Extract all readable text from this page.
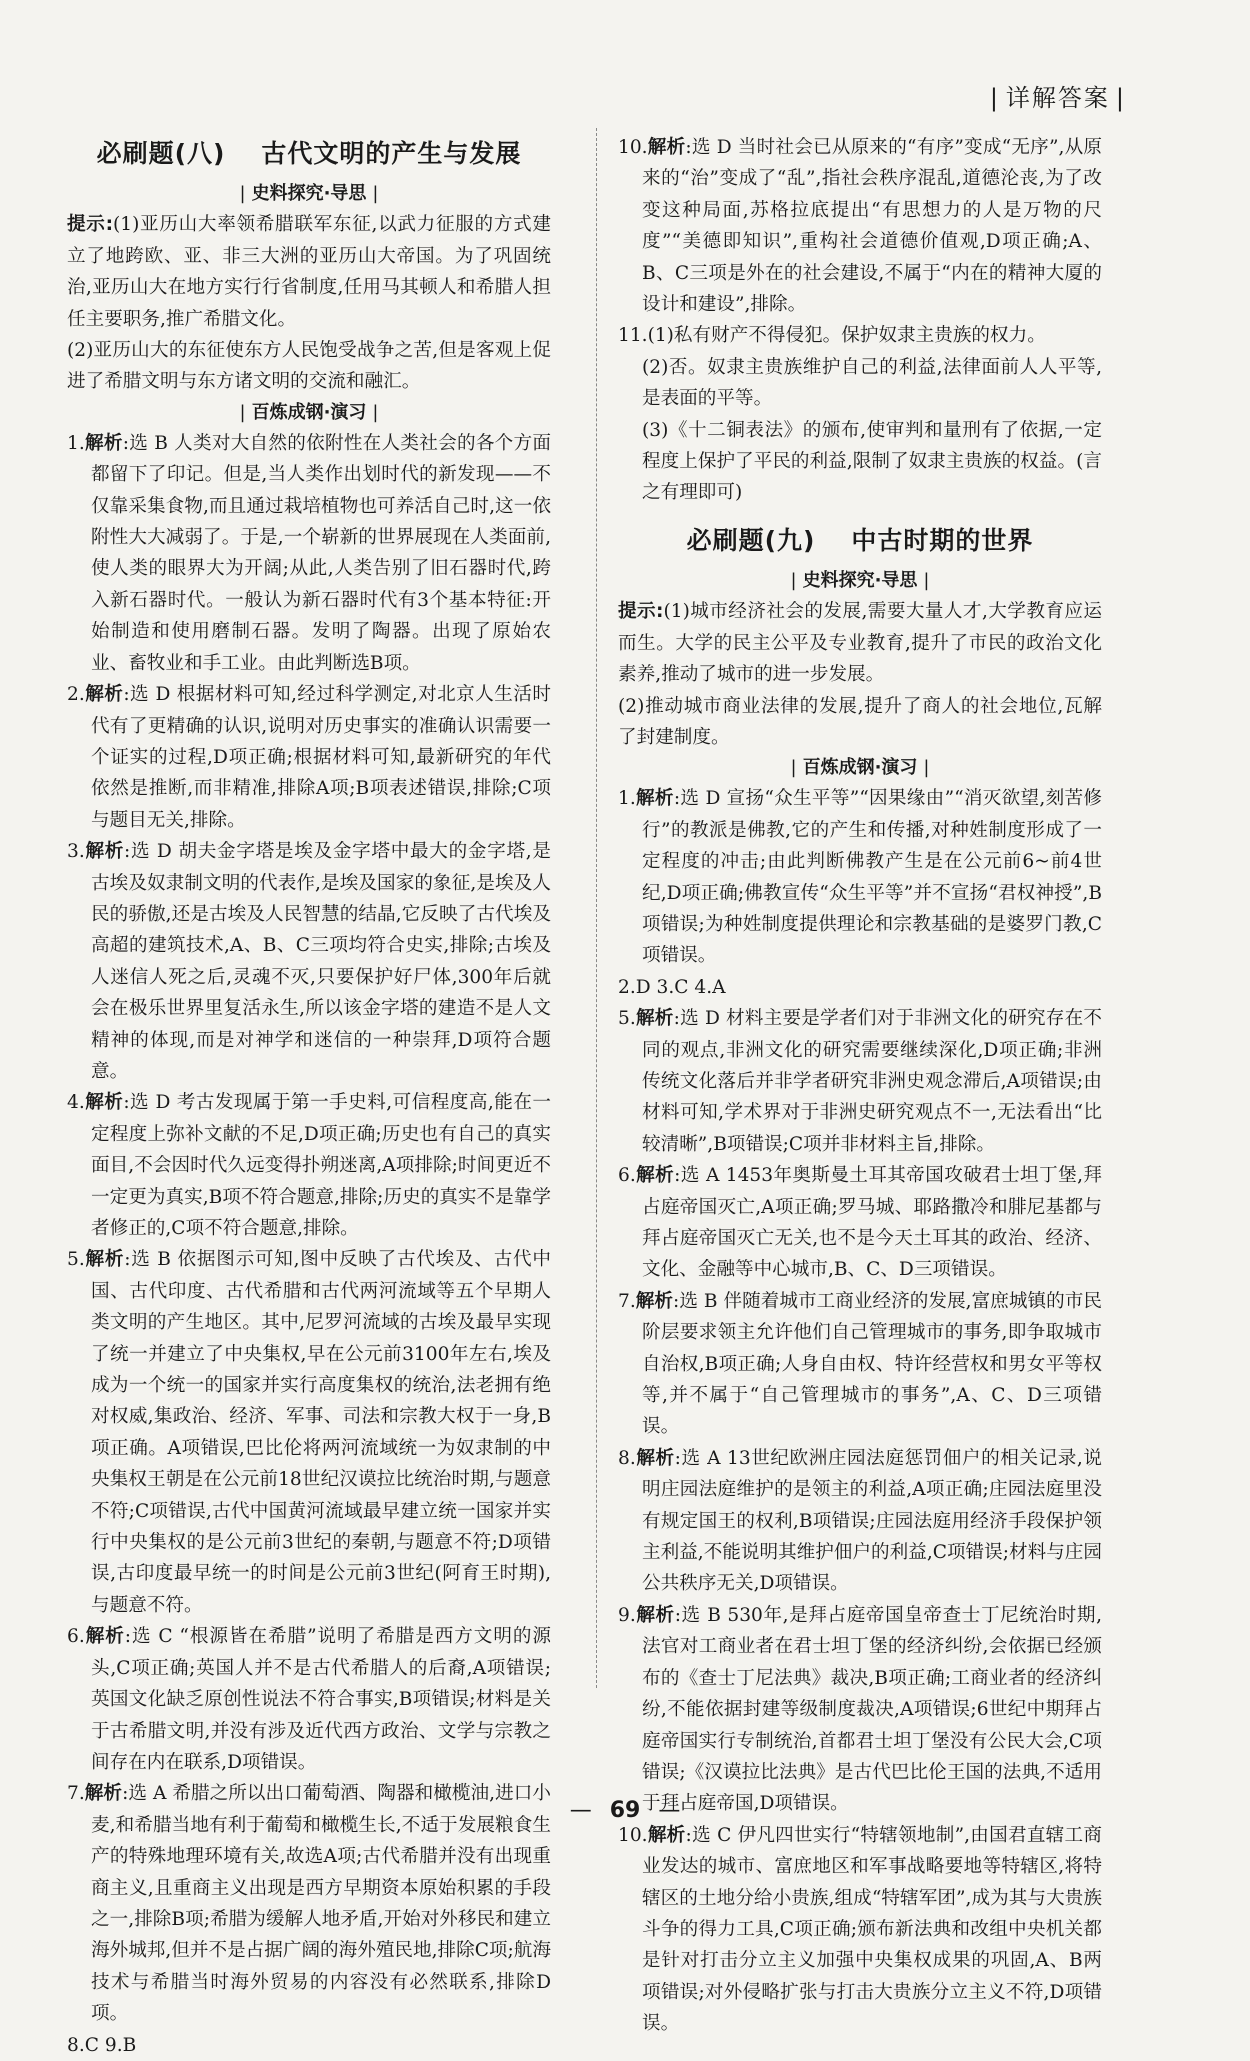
| 详解答案 |
必刷题(八) 古代文明的产生与发展

| 史料探究·导思 |

提示:(1)亚历山大率领希腊联军东征,以武力征服的方式建立了地跨欧、亚、非三大洲的亚历山大帝国。为了巩固统治,亚历山大在地方实行行省制度,任用马其顿人和希腊人担任主要职务,推广希腊文化。

(2)亚历山大的东征使东方人民饱受战争之苦,但是客观上促进了希腊文明与东方诸文明的交流和融汇。

| 百炼成钢·演习 |

1.解析:选 B 人类对大自然的依附性在人类社会的各个方面都留下了印记。但是,当人类作出划时代的新发现——不仅靠采集食物,而且通过栽培植物也可养活自己时,这一依附性大大减弱了。于是,一个崭新的世界展现在人类面前,使人类的眼界大为开阔;从此,人类告别了旧石器时代,跨入新石器时代。一般认为新石器时代有3个基本特征:开始制造和使用磨制石器。发明了陶器。出现了原始农业、畜牧业和手工业。由此判断选B项。

2.解析:选 D 根据材料可知,经过科学测定,对北京人生活时代有了更精确的认识,说明对历史事实的准确认识需要一个证实的过程,D项正确;根据材料可知,最新研究的年代依然是推断,而非精准,排除A项;B项表述错误,排除;C项与题目无关,排除。

3.解析:选 D 胡夫金字塔是埃及金字塔中最大的金字塔,是古埃及奴隶制文明的代表作,是埃及国家的象征,是埃及人民的骄傲,还是古埃及人民智慧的结晶,它反映了古代埃及高超的建筑技术,A、B、C三项均符合史实,排除;古埃及人迷信人死之后,灵魂不灭,只要保护好尸体,300年后就会在极乐世界里复活永生,所以该金字塔的建造不是人文精神的体现,而是对神学和迷信的一种崇拜,D项符合题意。

4.解析:选 D 考古发现属于第一手史料,可信程度高,能在一定程度上弥补文献的不足,D项正确;历史也有自己的真实面目,不会因时代久远变得扑朔迷离,A项排除;时间更近不一定更为真实,B项不符合题意,排除;历史的真实不是靠学者修正的,C项不符合题意,排除。

5.解析:选 B 依据图示可知,图中反映了古代埃及、古代中国、古代印度、古代希腊和古代两河流域等五个早期人类文明的产生地区。其中,尼罗河流域的古埃及最早实现了统一并建立了中央集权,早在公元前3100年左右,埃及成为一个统一的国家并实行高度集权的统治,法老拥有绝对权威,集政治、经济、军事、司法和宗教大权于一身,B项正确。A项错误,巴比伦将两河流域统一为奴隶制的中央集权王朝是在公元前18世纪汉谟拉比统治时期,与题意不符;C项错误,古代中国黄河流域最早建立统一国家并实行中央集权的是公元前3世纪的秦朝,与题意不符;D项错误,古印度最早统一的时间是公元前3世纪(阿育王时期),与题意不符。

6.解析:选 C “根源皆在希腊”说明了希腊是西方文明的源头,C项正确;英国人并不是古代希腊人的后裔,A项错误;英国文化缺乏原创性说法不符合事实,B项错误;材料是关于古希腊文明,并没有涉及近代西方政治、文学与宗教之间存在内在联系,D项错误。

7.解析:选 A 希腊之所以出口葡萄酒、陶器和橄榄油,进口小麦,和希腊当地有利于葡萄和橄榄生长,不适于发展粮食生产的特殊地理环境有关,故选A项;古代希腊并没有出现重商主义,且重商主义出现是西方早期资本原始积累的手段之一,排除B项;希腊为缓解人地矛盾,开始对外移民和建立海外城邦,但并不是占据广阔的海外殖民地,排除C项;航海技术与希腊当时海外贸易的内容没有必然联系,排除D项。

8.C 9.B

10.解析:选 D 当时社会已从原来的“有序”变成“无序”,从原来的“治”变成了“乱”,指社会秩序混乱,道德沦丧,为了改变这种局面,苏格拉底提出“有思想力的人是万物的尺度”“美德即知识”,重构社会道德价值观,D项正确;A、B、C三项是外在的社会建设,不属于“内在的精神大厦的设计和建设”,排除。

11.(1)私有财产不得侵犯。保护奴隶主贵族的权力。

(2)否。奴隶主贵族维护自己的利益,法律面前人人平等,是表面的平等。

(3)《十二铜表法》的颁布,使审判和量刑有了依据,一定程度上保护了平民的利益,限制了奴隶主贵族的权益。(言之有理即可)

必刷题(九) 中古时期的世界

| 史料探究·导思 |

提示:(1)城市经济社会的发展,需要大量人才,大学教育应运而生。大学的民主公平及专业教育,提升了市民的政治文化素养,推动了城市的进一步发展。

(2)推动城市商业法律的发展,提升了商人的社会地位,瓦解了封建制度。

| 百炼成钢·演习 |

1.解析:选 D 宣扬“众生平等”“因果缘由”“消灭欲望,刻苦修行”的教派是佛教,它的产生和传播,对种姓制度形成了一定程度的冲击;由此判断佛教产生是在公元前6~前4世纪,D项正确;佛教宣传“众生平等”并不宣扬“君权神授”,B项错误;为种姓制度提供理论和宗教基础的是婆罗门教,C项错误。

2.D 3.C 4.A

5.解析:选 D 材料主要是学者们对于非洲文化的研究存在不同的观点,非洲文化的研究需要继续深化,D项正确;非洲传统文化落后并非学者研究非洲史观念滞后,A项错误;由材料可知,学术界对于非洲史研究观点不一,无法看出“比较清晰”,B项错误;C项并非材料主旨,排除。

6.解析:选 A 1453年奥斯曼土耳其帝国攻破君士坦丁堡,拜占庭帝国灭亡,A项正确;罗马城、耶路撒冷和腓尼基都与拜占庭帝国灭亡无关,也不是今天土耳其的政治、经济、文化、金融等中心城市,B、C、D三项错误。

7.解析:选 B 伴随着城市工商业经济的发展,富庶城镇的市民阶层要求领主允许他们自己管理城市的事务,即争取城市自治权,B项正确;人身自由权、特许经营权和男女平等权等,并不属于“自己管理城市的事务”,A、C、D三项错误。

8.解析:选 A 13世纪欧洲庄园法庭惩罚佃户的相关记录,说明庄园法庭维护的是领主的利益,A项正确;庄园法庭里没有规定国王的权利,B项错误;庄园法庭用经济手段保护领主利益,不能说明其维护佃户的利益,C项错误;材料与庄园公共秩序无关,D项错误。

9.解析:选 B 530年,是拜占庭帝国皇帝查士丁尼统治时期,法官对工商业者在君士坦丁堡的经济纠纷,会依据已经颁布的《查士丁尼法典》裁决,B项正确;工商业者的经济纠纷,不能依据封建等级制度裁决,A项错误;6世纪中期拜占庭帝国实行专制统治,首都君士坦丁堡没有公民大会,C项错误;《汉谟拉比法典》是古代巴比伦王国的法典,不适用于拜占庭帝国,D项错误。

10.解析:选 C 伊凡四世实行“特辖领地制”,由国君直辖工商业发达的城市、富庶地区和军事战略要地等特辖区,将特辖区的土地分给小贵族,组成“特辖军团”,成为其与大贵族斗争的得力工具,C项正确;颁布新法典和改组中央机关都是针对打击分立主义加强中央集权成果的巩固,A、B两项错误;对外侵略扩张与打击大贵族分立主义不符,D项错误。

— 69 —
